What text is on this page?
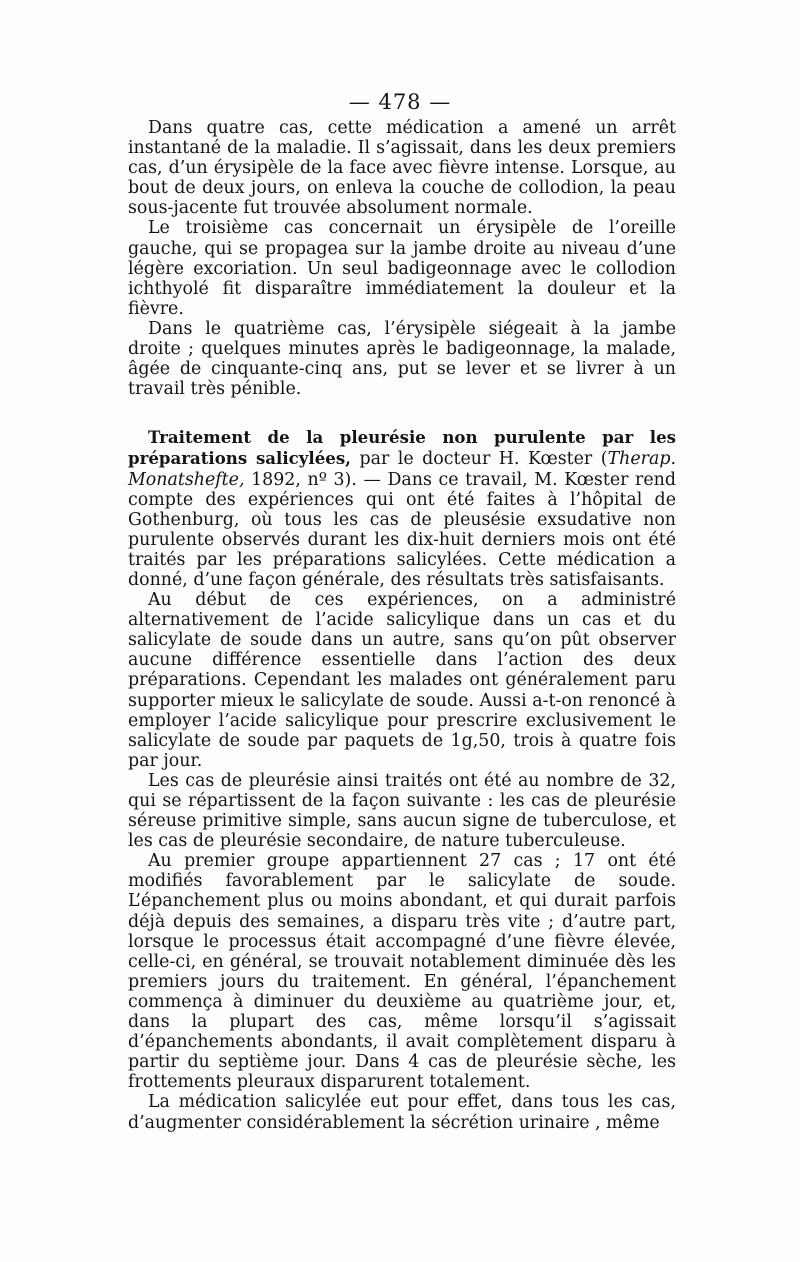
— 478 —

Dans quatre cas, cette médication a amené un arrêt instantané de la maladie. Il s’agissait, dans les deux premiers cas, d’un érysipèle de la face avec fièvre intense. Lorsque, au bout de deux jours, on enleva la couche de collodion, la peau sous-jacente fut trouvée absolument normale.

Le troisième cas concernait un érysipèle de l’oreille gauche, qui se propagea sur la jambe droite au niveau d’une légère excoriation. Un seul badigeonnage avec le collodion ichthyolé fit disparaître immédiatement la douleur et la fièvre.

Dans le quatrième cas, l’érysipèle siégeait à la jambe droite ; quelques minutes après le badigeonnage, la malade, âgée de cinquante-cinq ans, put se lever et se livrer à un travail très pénible.

Traitement de la pleurésie non purulente par les préparations salicylées, par le docteur H. Kœster (Therap. Monatshefte, 1892, nº 3). — Dans ce travail, M. Kœster rend compte des expériences qui ont été faites à l’hôpital de Gothenburg, où tous les cas de pleusésie exsudative non purulente observés durant les dix-huit derniers mois ont été traités par les préparations salicylées. Cette médication a donné, d’une façon générale, des résultats très satisfaisants.

Au début de ces expériences, on a administré alternativement de l’acide salicylique dans un cas et du salicylate de soude dans un autre, sans qu’on pût observer aucune différence essentielle dans l’action des deux préparations. Cependant les malades ont généralement paru supporter mieux le salicylate de soude. Aussi a-t-on renoncé à employer l’acide salicylique pour prescrire exclusivement le salicylate de soude par paquets de 1g,50, trois à quatre fois par jour.

Les cas de pleurésie ainsi traités ont été au nombre de 32, qui se répartissent de la façon suivante : les cas de pleurésie séreuse primitive simple, sans aucun signe de tuberculose, et les cas de pleurésie secondaire, de nature tuberculeuse.

Au premier groupe appartiennent 27 cas ; 17 ont été modifiés favorablement par le salicylate de soude. L’épanchement plus ou moins abondant, et qui durait parfois déjà depuis des semaines, a disparu très vite ; d’autre part, lorsque le processus était accompagné d’une fièvre élevée, celle-ci, en général, se trouvait notablement diminuée dès les premiers jours du traitement. En général, l’épanchement commença à diminuer du deuxième au quatrième jour, et, dans la plupart des cas, même lorsqu’il s’agissait d’épanchements abondants, il avait complètement disparu à partir du septième jour. Dans 4 cas de pleurésie sèche, les frottements pleuraux disparurent totalement.

La médication salicylée eut pour effet, dans tous les cas, d’augmenter considérablement la sécrétion urinaire , même
